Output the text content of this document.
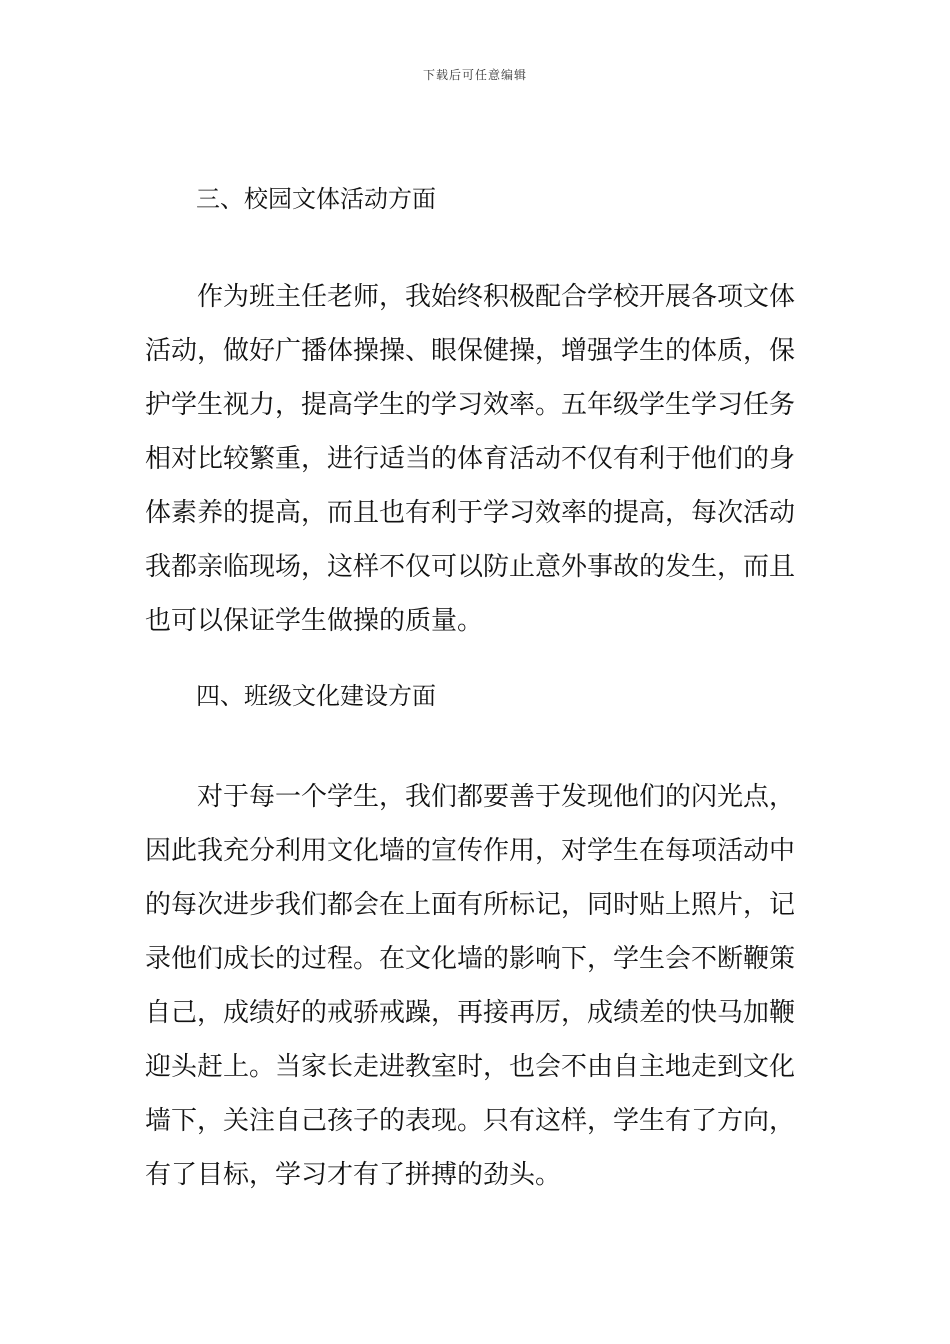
下载后可任意编辑
三、校园文体活动方面
作为班主任老师，我始终积极配合学校开展各项文体
活动，做好广播体操操、眼保健操，增强学生的体质，保
护学生视力，提高学生的学习效率。五年级学生学习任务
相对比较繁重，进行适当的体育活动不仅有利于他们的身
体素养的提高，而且也有利于学习效率的提高，每次活动
我都亲临现场，这样不仅可以防止意外事故的发生，而且
也可以保证学生做操的质量。
四、班级文化建设方面
对于每一个学生，我们都要善于发现他们的闪光点，
因此我充分利用文化墙的宣传作用，对学生在每项活动中
的每次进步我们都会在上面有所标记，同时贴上照片，记
录他们成长的过程。在文化墙的影响下，学生会不断鞭策
自己，成绩好的戒骄戒躁，再接再厉，成绩差的快马加鞭
迎头赶上。当家长走进教室时，也会不由自主地走到文化
墙下，关注自己孩子的表现。只有这样，学生有了方向，
有了目标，学习才有了拼搏的劲头。
